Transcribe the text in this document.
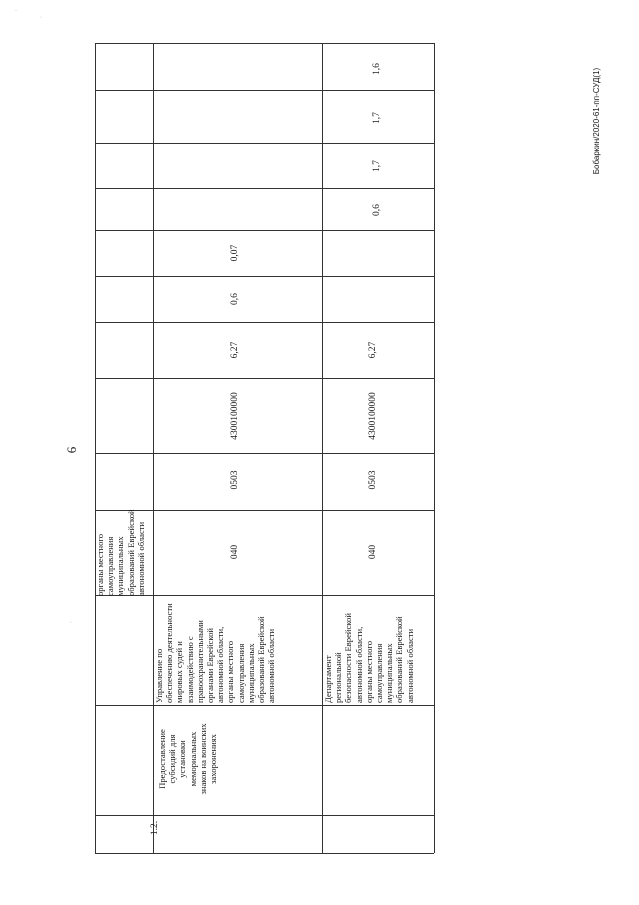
6
Бобаркин/2020-61-пп-СУД(1)
·
·
·
органы местного
самоуправления
муниципальных
образований Еврейской
автономной области
1.2.
Предоставление
субсидий для
установки
мемориальных
знаков на воинских
захоронениях
Управление по
обеспечению деятельности
мировых судей и
взаимодействию с
правоохранительными
органами Еврейской
автономной области,
органы местного
самоуправления
муниципальных
образований Еврейской
автономной области
Департамент
региональной
безопасности Еврейской
автономной области,
органы местного
самоуправления
муниципальных
образований Еврейской
автономной области
040
0503
4300100000
6,27
0,6
0,07
040
0503
4300100000
6,27
0,6
1,7
1,7
1,6
